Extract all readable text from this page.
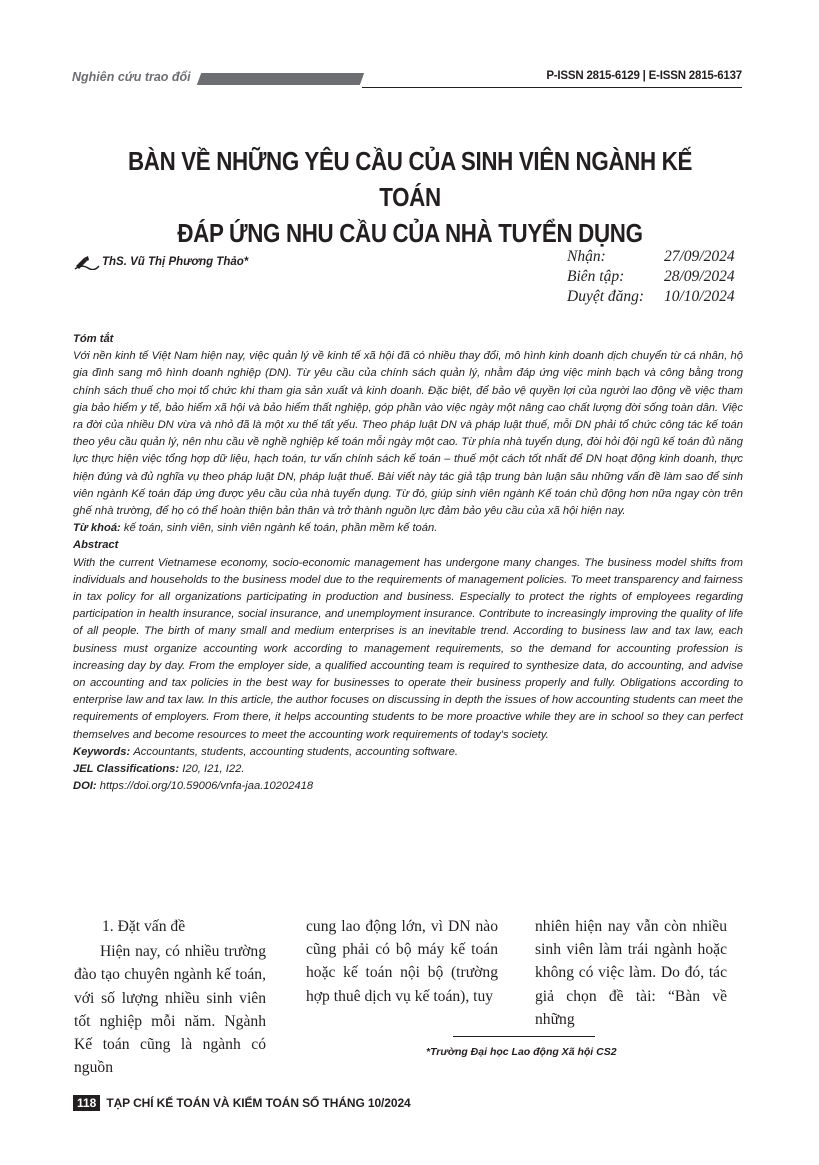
Nghiên cứu trao đổi	P-ISSN 2815-6129 | E-ISSN 2815-6137
BÀN VỀ NHỮNG YÊU CẦU CỦA SINH VIÊN NGÀNH KẾ TOÁN
ĐÁP ỨNG NHU CẦU CỦA NHÀ TUYỂN DỤNG
ThS. Vũ Thị Phương Thảo*	Nhận:	27/09/2024
Biên tập:	28/09/2024
Duyệt đăng:	10/10/2024
Tóm tắt
Với nền kinh tế Việt Nam hiện nay, việc quản lý về kinh tế xã hội đã có nhiều thay đổi, mô hình kinh doanh dịch chuyển từ cá nhân, hộ gia đình sang mô hình doanh nghiệp (DN). Từ yêu cầu của chính sách quản lý, nhằm đáp ứng việc minh bạch và công bằng trong chính sách thuế cho mọi tổ chức khi tham gia sản xuất và kinh doanh. Đặc biệt, để bảo vệ quyền lợi của người lao động về việc tham gia bảo hiểm y tế, bảo hiểm xã hội và bảo hiểm thất nghiệp, góp phần vào việc ngày một nâng cao chất lượng đời sống toàn dân. Việc ra đời của nhiều DN vừa và nhỏ đã là một xu thế tất yếu. Theo pháp luật DN và pháp luật thuế, mỗi DN phải tổ chức công tác kế toán theo yêu cầu quản lý, nên nhu cầu về nghề nghiệp kế toán mỗi ngày một cao. Từ phía nhà tuyển dụng, đòi hỏi đội ngũ kế toán đủ năng lực thực hiện việc tổng hợp dữ liệu, hạch toán, tư vấn chính sách kế toán – thuế một cách tốt nhất để DN hoạt động kinh doanh, thực hiện đúng và đủ nghĩa vụ theo pháp luật DN, pháp luật thuế. Bài viết này tác giả tập trung bàn luận sâu những vấn đề làm sao để sinh viên ngành Kế toán đáp ứng được yêu cầu của nhà tuyển dụng. Từ đó, giúp sinh viên ngành Kế toán chủ động hơn nữa ngay còn trên ghế nhà trường, để họ có thể hoàn thiện bản thân và trở thành nguồn lực đảm bảo yêu cầu của xã hội hiện nay.
Từ khoá: kế toán, sinh viên, sinh viên ngành kế toán, phần mềm kế toán.
Abstract
With the current Vietnamese economy, socio-economic management has undergone many changes. The business model shifts from individuals and households to the business model due to the requirements of management policies. To meet transparency and fairness in tax policy for all organizations participating in production and business. Especially to protect the rights of employees regarding participation in health insurance, social insurance, and unemployment insurance. Contribute to increasingly improving the quality of life of all people. The birth of many small and medium enterprises is an inevitable trend. According to business law and tax law, each business must organize accounting work according to management requirements, so the demand for accounting profession is increasing day by day. From the employer side, a qualified accounting team is required to synthesize data, do accounting, and advise on accounting and tax policies in the best way for businesses to operate their business properly and fully. Obligations according to enterprise law and tax law. In this article, the author focuses on discussing in depth the issues of how accounting students can meet the requirements of employers. From there, it helps accounting students to be more proactive while they are in school so they can perfect themselves and become resources to meet the accounting work requirements of today's society.
Keywords: Accountants, students, accounting students, accounting software.
JEL Classifications: I20, I21, I22.
DOI: https://doi.org/10.59006/vnfa-jaa.10202418
1. Đặt vấn đề
Hiện nay, có nhiều trường đào tạo chuyên ngành kế toán, với số lượng nhiều sinh viên tốt nghiệp mỗi năm. Ngành Kế toán cũng là ngành có nguồn
cung lao động lớn, vì DN nào cũng phải có bộ máy kế toán hoặc kế toán nội bộ (trường hợp thuê dịch vụ kế toán), tuy
nhiên hiện nay vẫn còn nhiều sinh viên làm trái ngành hoặc không có việc làm. Do đó, tác giả chọn đề tài: “Bàn về những
*Trường Đại học Lao động Xã hội CS2
118 TẠP CHÍ KẾ TOÁN VÀ KIỂM TOÁN SỐ THÁNG 10/2024
